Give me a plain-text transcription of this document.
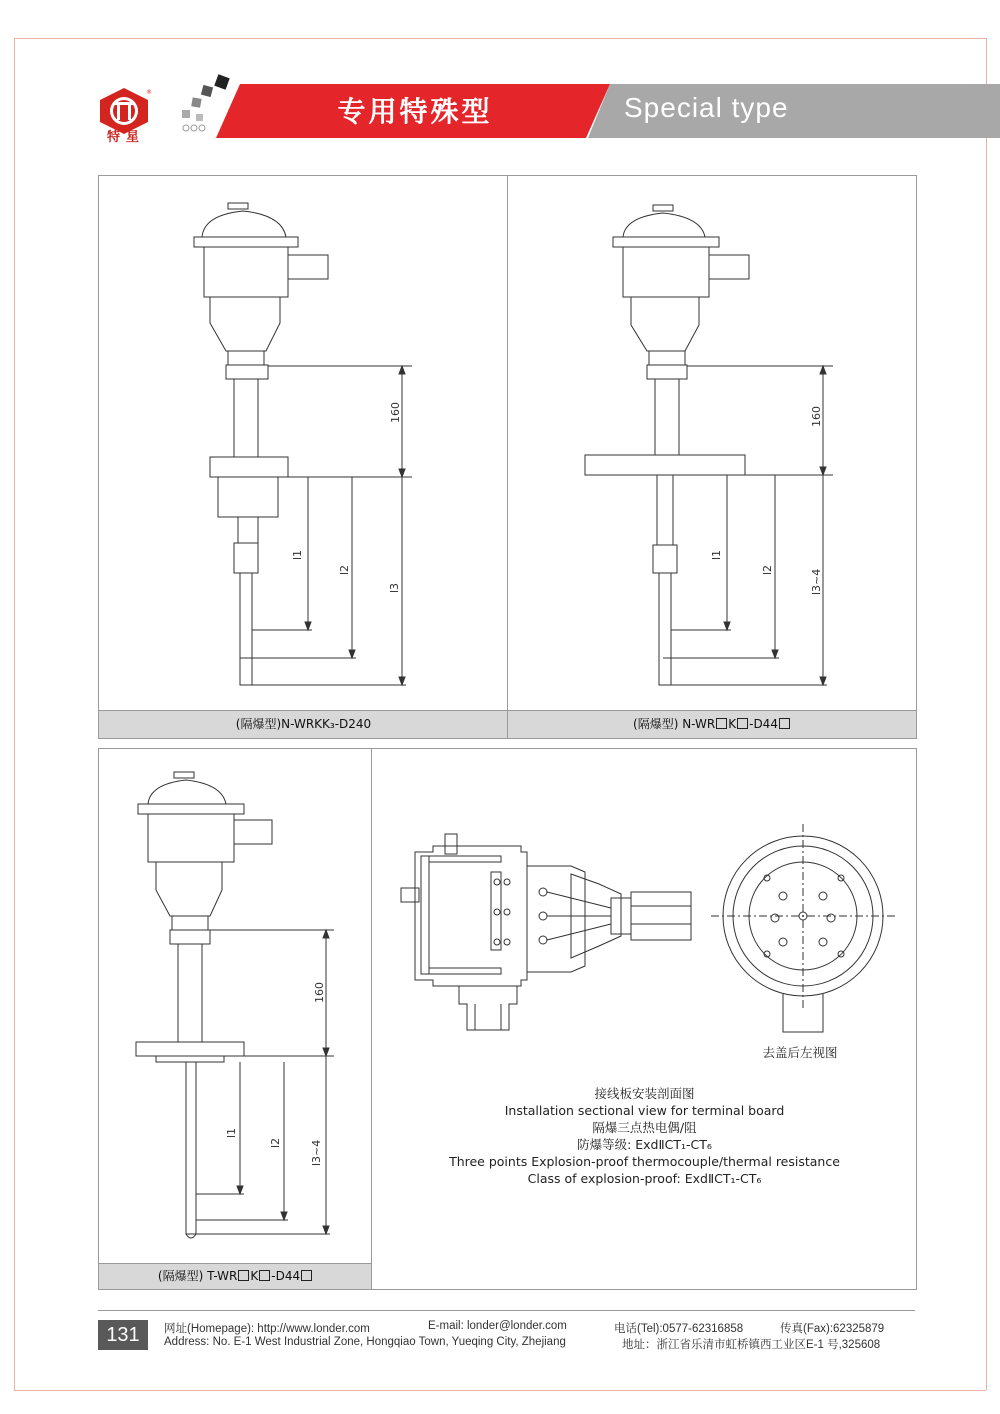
®
特星
专用特殊型	Special type
(隔爆型)N-WRKK₃-D240
160
l1
l2
l3
(隔爆型) N-WR K -D44
160
l1
l2	l3~4
(隔爆型) T-WR K -D44
160
l1
l2	l3~4
去盖后左视图
接线板安装剖面图
Installation sectional view for terminal board
隔爆三点热电偶/阻
防爆等级: ExdⅡCT₁-CT₆
Three points Explosion-proof thermocouple/thermal resistance
Class of explosion-proof: ExdⅡCT₁-CT₆
131	网址(Homepage): http://www.londer.com	E-mail: londer@londer.com	电话(Tel):0577-62316858	传真(Fax):62325879
Address: No. E-1 West Industrial Zone, Hongqiao Town, Yueqing City, Zhejiang	地址：浙江省乐清市虹桥镇西工业区E-1 号,325608
